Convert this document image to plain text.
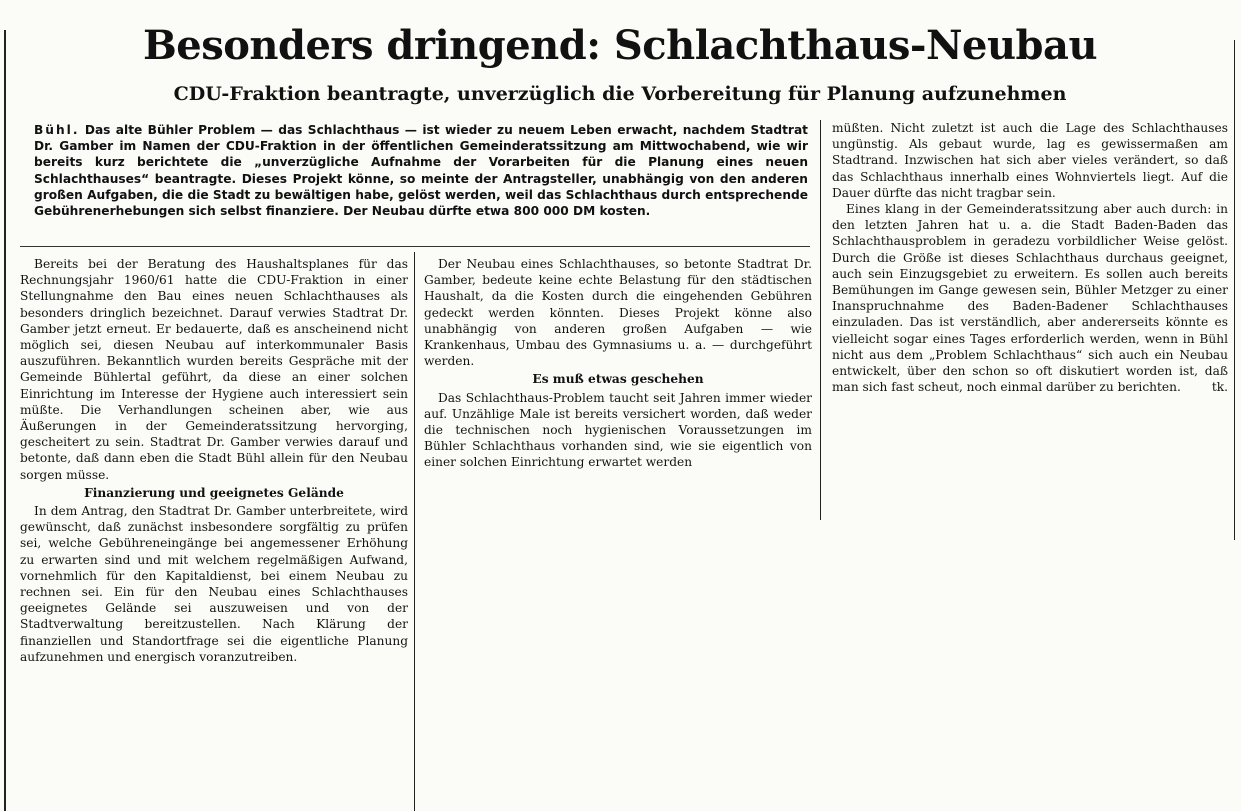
Besonders dringend: Schlachthaus-Neubau
CDU-Fraktion beantragte, unverzüglich die Vorbereitung für Planung aufzunehmen
Bühl. Das alte Bühler Problem — das Schlachthaus — ist wieder zu neuem Leben erwacht, nachdem Stadtrat Dr. Gamber im Namen der CDU-Fraktion in der öffentlichen Gemeinderatssitzung am Mittwochabend, wie wir bereits kurz berichtete die „unverzügliche Aufnahme der Vorarbeiten für die Planung eines neuen Schlachthauses“ beantragte. Dieses Projekt könne, so meinte der Antragsteller, unabhängig von den anderen großen Aufgaben, die die Stadt zu bewältigen habe, gelöst werden, weil das Schlachthaus durch entsprechende Gebührenerhebungen sich selbst finanziere. Der Neubau dürfte etwa 800 000 DM kosten.

Bereits bei der Beratung des Haushaltsplanes für das Rechnungsjahr 1960/61 hatte die CDU-Fraktion in einer Stellungnahme den Bau eines neuen Schlachthauses als besonders dringlich bezeichnet. Darauf verwies Stadtrat Dr. Gamber jetzt erneut. Er bedauerte, daß es anscheinend nicht möglich sei, diesen Neubau auf interkommunaler Basis auszuführen. Bekanntlich wurden bereits Gespräche mit der Gemeinde Bühlertal geführt, da diese an einer solchen Einrichtung im Interesse der Hygiene auch interessiert sein müßte. Die Verhandlungen scheinen aber, wie aus Äußerungen in der Gemeinderatssitzung hervorging, gescheitert zu sein. Stadtrat Dr. Gamber verwies darauf und betonte, daß dann eben die Stadt Bühl allein für den Neubau sorgen müsse.

Finanzierung und geeignetes Gelände

In dem Antrag, den Stadtrat Dr. Gamber unterbreitete, wird gewünscht, daß zunächst insbesondere sorgfältig zu prüfen sei, welche Gebühreneingänge bei angemessener Erhöhung zu erwarten sind und mit welchem regelmäßigen Aufwand, vornehmlich für den Kapitaldienst, bei einem Neubau zu rechnen sei. Ein für den Neubau eines Schlachthauses geeignetes Gelände sei auszuweisen und von der Stadtverwaltung bereitzustellen. Nach Klärung der finanziellen und Standortfrage sei die eigentliche Planung aufzunehmen und energisch voranzutreiben.

Der Neubau eines Schlachthauses, so betonte Stadtrat Dr. Gamber, bedeute keine echte Belastung für den städtischen Haushalt, da die Kosten durch die eingehenden Gebühren gedeckt werden könnten. Dieses Projekt könne also unabhängig von anderen großen Aufgaben — wie Krankenhaus, Umbau des Gymnasiums u. a. — durchgeführt werden.

Es muß etwas geschehen

Das Schlachthaus-Problem taucht seit Jahren immer wieder auf. Unzählige Male ist bereits versichert worden, daß weder die technischen noch hygienischen Voraussetzungen im Bühler Schlachthaus vorhanden sind, wie sie eigentlich von einer solchen Einrichtung erwartet werden

müßten. Nicht zuletzt ist auch die Lage des Schlachthauses ungünstig. Als gebaut wurde, lag es gewissermaßen am Stadtrand. Inzwischen hat sich aber vieles verändert, so daß das Schlachthaus innerhalb eines Wohnviertels liegt. Auf die Dauer dürfte das nicht tragbar sein.

Eines klang in der Gemeinderatssitzung aber auch durch: in den letzten Jahren hat u. a. die Stadt Baden-Baden das Schlachthausproblem in geradezu vorbildlicher Weise gelöst. Durch die Größe ist dieses Schlachthaus durchaus geeignet, auch sein Einzugsgebiet zu erweitern. Es sollen auch bereits Bemühungen im Gange gewesen sein, Bühler Metzger zu einer Inanspruchnahme des Baden-Badener Schlachthauses einzuladen. Das ist verständlich, aber andererseits könnte es vielleicht sogar eines Tages erforderlich werden, wenn in Bühl nicht aus dem „Problem Schlachthaus“ sich auch ein Neubau entwickelt, über den schon so oft diskutiert worden ist, daß man sich fast scheut, noch einmal darüber zu berichten.	tk.
